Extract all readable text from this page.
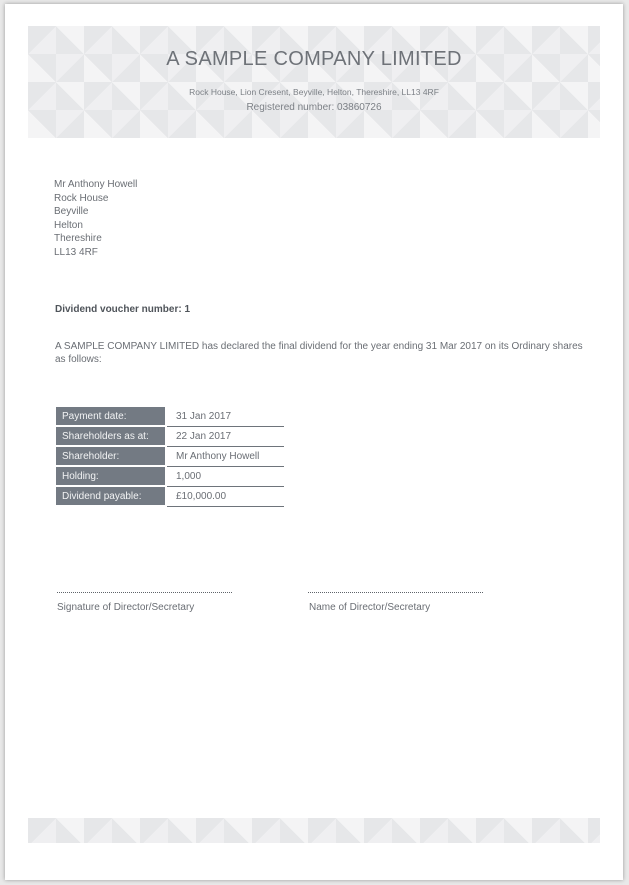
A SAMPLE COMPANY LIMITED
Rock House, Lion Cresent, Beyville, Helton, Thereshire, LL13 4RF
Registered number: 03860726
Mr Anthony Howell
Rock House
Beyville
Helton
Thereshire
LL13 4RF
Dividend voucher number: 1
A SAMPLE COMPANY LIMITED has declared the final dividend for the year ending 31 Mar 2017 on its Ordinary shares as follows:
Payment date:	31 Jan 2017
Shareholders as at:	22 Jan 2017
Shareholder:	Mr Anthony Howell
Holding:	1,000
Dividend payable:	£10,000.00
Signature of Director/Secretary	Name of Director/Secretary
